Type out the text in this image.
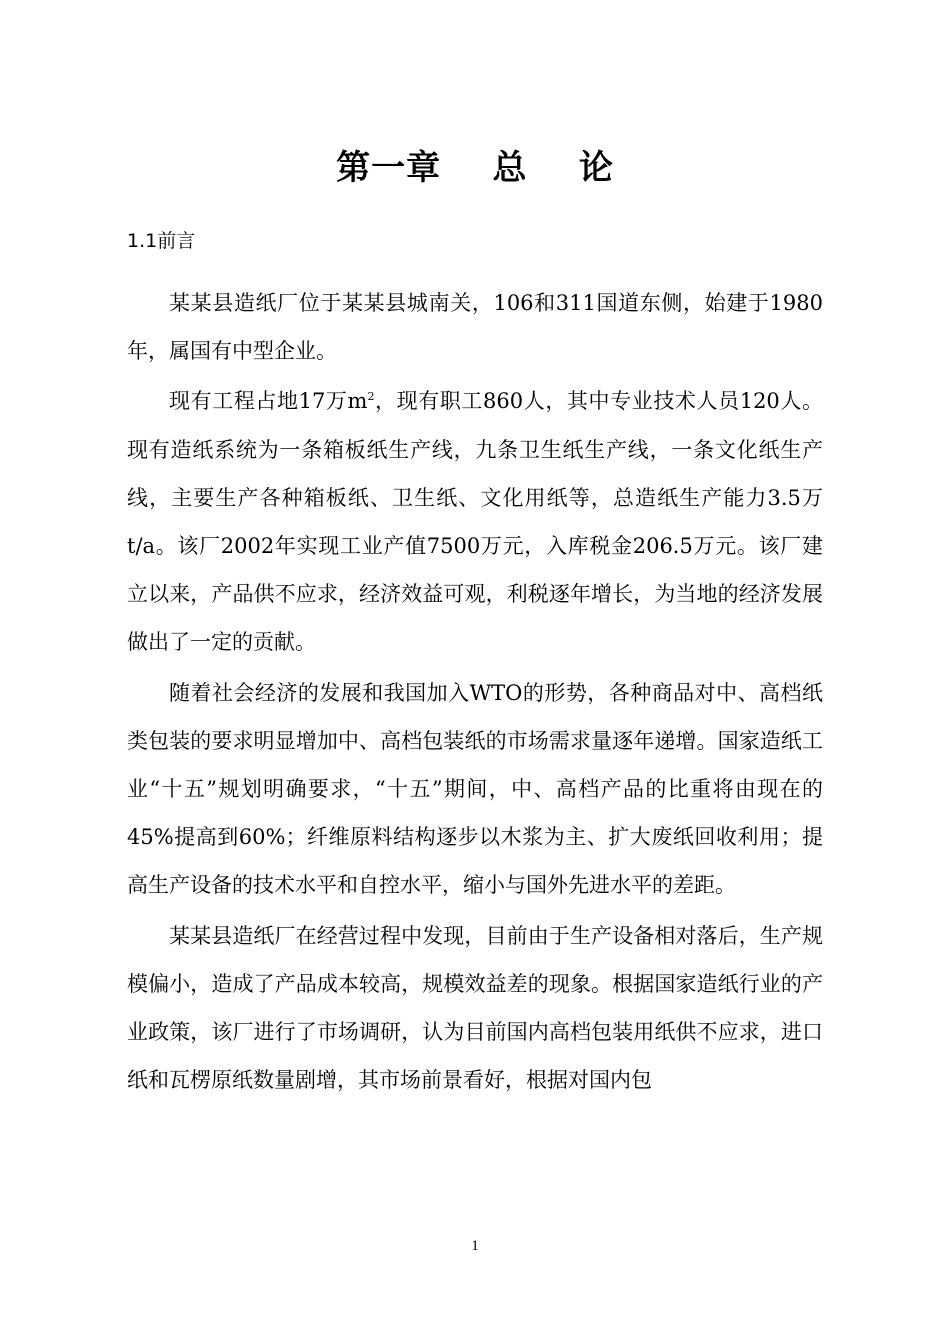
第一章    总    论
1.1前言

某某县造纸厂位于某某县城南关，106和311国道东侧，始建于1980年，属国有中型企业。

现有工程占地17万$m^2$，现有职工860人，其中专业技术人员120人。现有造纸系统为一条箱板纸生产线，九条卫生纸生产线，一条文化纸生产线，主要生产各种箱板纸、卫生纸、文化用纸等，总造纸生产能力3.5万t/a。该厂2002年实现工业产值7500万元，入库税金206.5万元。该厂建立以来，产品供不应求，经济效益可观，利税逐年增长，为当地的经济发展做出了一定的贡献。

随着社会经济的发展和我国加入WTO的形势，各种商品对中、高档纸类包装的要求明显增加中、高档包装纸的市场需求量逐年递增。国家造纸工业“十五”规划明确要求，“十五”期间，中、高档产品的比重将由现在的45%提高到60%；纤维原料结构逐步以木浆为主、扩大废纸回收利用；提高生产设备的技术水平和自控水平，缩小与国外先进水平的差距。

某某县造纸厂在经营过程中发现，目前由于生产设备相对落后，生产规模偏小，造成了产品成本较高，规模效益差的现象。根据国家造纸行业的产业政策，该厂进行了市场调研，认为目前国内高档包装用纸供不应求，进口纸和瓦楞原纸数量剧增，其市场前景看好，根据对国内包

1
